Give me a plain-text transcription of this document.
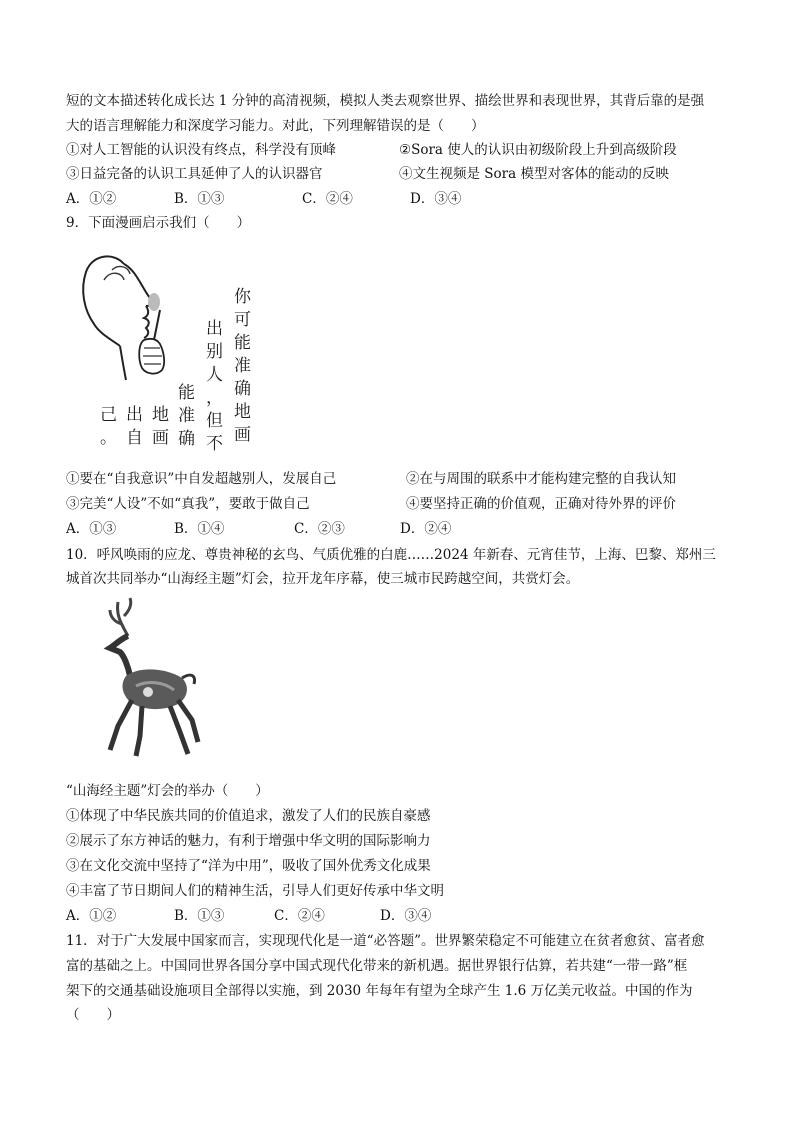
短的文本描述转化成长达 1 分钟的高清视频，模拟人类去观察世界、描绘世界和表现世界，其背后靠的是强
大的语言理解能力和深度学习能力。对此，下列理解错误的是（　　）
①对人工智能的认识没有终点，科学没有顶峰	②Sora 使人的认识由初级阶段上升到高级阶段
③日益完备的认识工具延伸了人的认识器官	④文生视频是 Sora 模型对客体的能动的反映
A．①②	B．①③	C．②④	D．③④
9．下面漫画启示我们（　　）
你可能准确地画
出别人，但不
能准确
地画
出自
己。
①要在“自我意识”中自发超越别人，发展自己	②在与周围的联系中才能构建完整的自我认知
③完美“人设”不如“真我”，要敢于做自己	④要坚持正确的价值观，正确对待外界的评价
A．①③	B．①④	C．②③	D．②④
10．呼风唤雨的应龙、尊贵神秘的玄鸟、气质优雅的白鹿……2024 年新春、元宵佳节，上海、巴黎、郑州三
城首次共同举办“山海经主题”灯会，拉开龙年序幕，使三城市民跨越空间，共赏灯会。
“山海经主题”灯会的举办（　　）
①体现了中华民族共同的价值追求，激发了人们的民族自豪感
②展示了东方神话的魅力，有利于增强中华文明的国际影响力
③在文化交流中坚持了“洋为中用”，吸收了国外优秀文化成果
④丰富了节日期间人们的精神生活，引导人们更好传承中华文明
A．①②	B．①③	C．②④	D．③④
11．对于广大发展中国家而言，实现现代化是一道“必答题”。世界繁荣稳定不可能建立在贫者愈贫、富者愈
富的基础之上。中国同世界各国分享中国式现代化带来的新机遇。据世界银行估算，若共建“一带一路”框
架下的交通基础设施项目全部得以实施，到 2030 年每年有望为全球产生 1.6 万亿美元收益。中国的作为
（　　）
